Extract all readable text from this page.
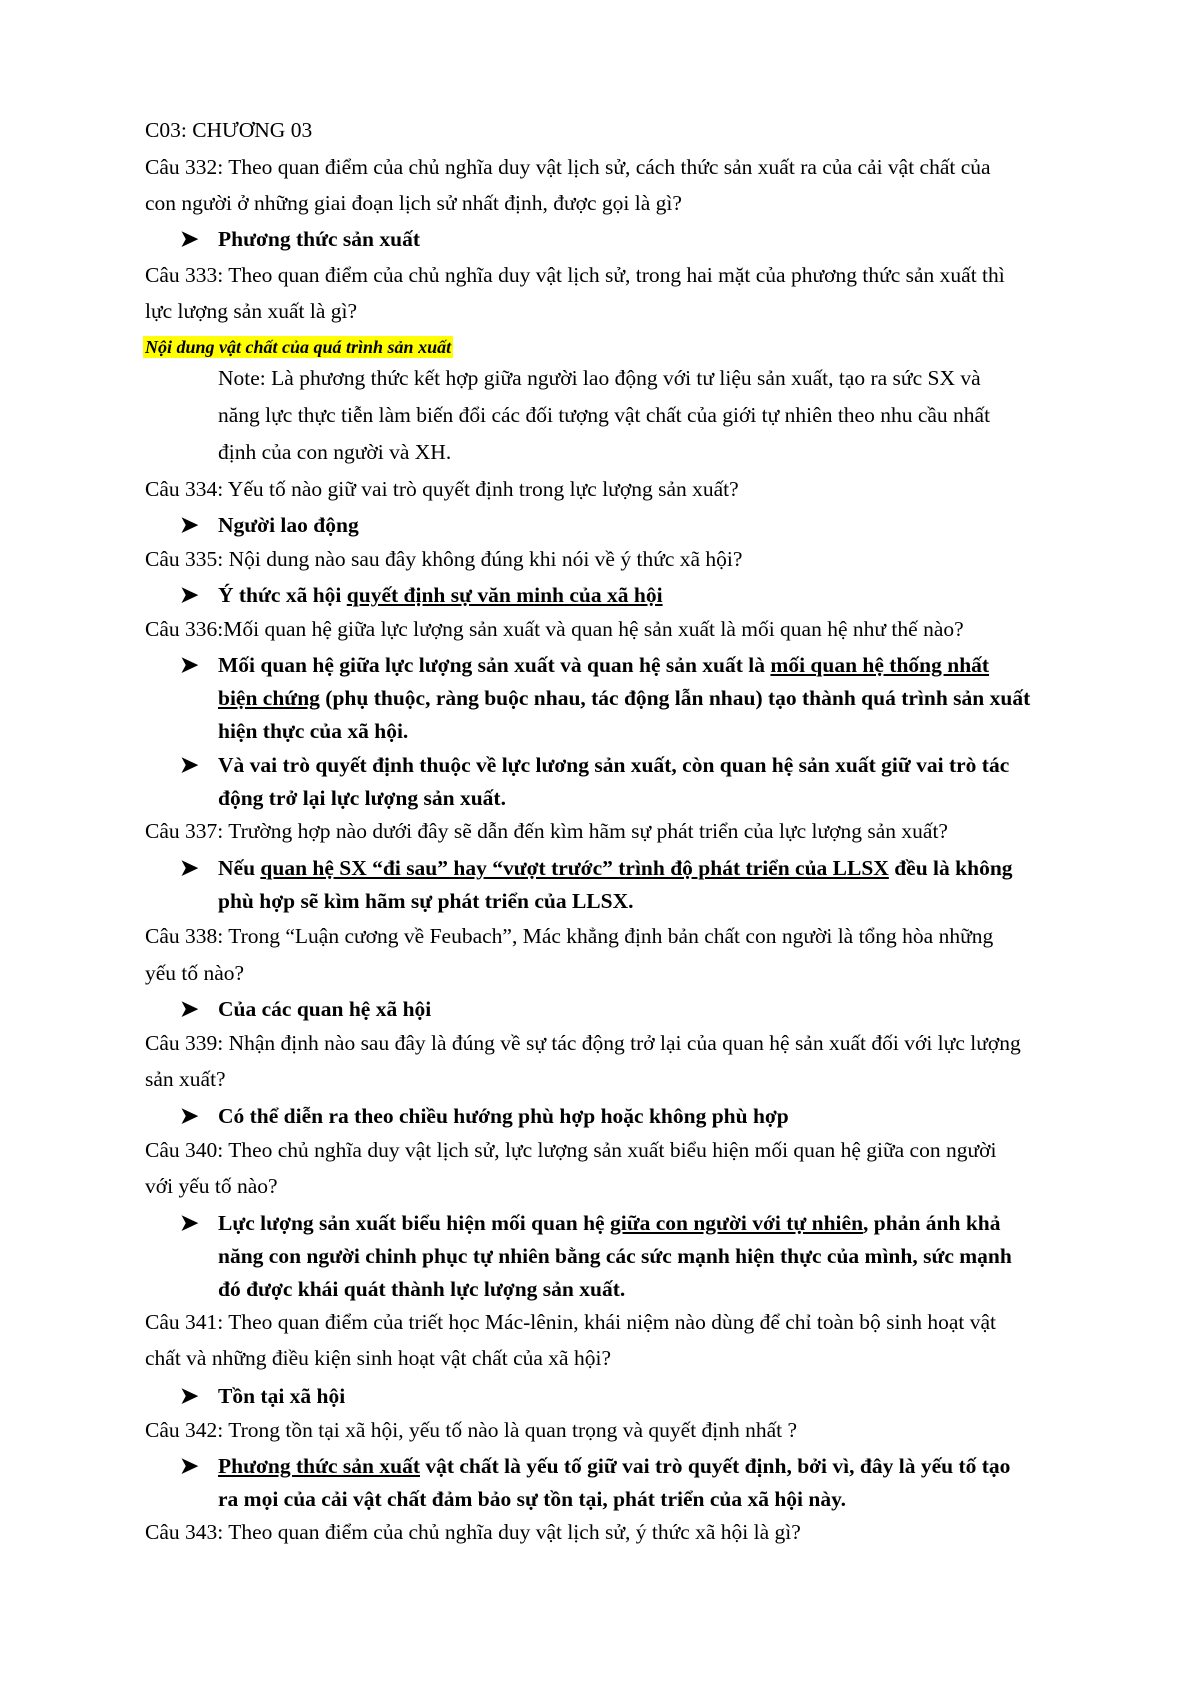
C03: CHƯƠNG 03
Câu 332: Theo quan điểm của chủ nghĩa duy vật lịch sử, cách thức sản xuất ra của cải vật chất của
con người ở những giai đoạn lịch sử nhất định, được gọi là gì?
➤ Phương thức sản xuất
Câu 333: Theo quan điểm của chủ nghĩa duy vật lịch sử, trong hai mặt của phương thức sản xuất thì
lực lượng sản xuất là gì?
Nội dung vật chất của quá trình sản xuất
Note: Là phương thức kết hợp giữa người lao động với tư liệu sản xuất, tạo ra sức SX và
năng lực thực tiễn làm biến đổi các đối tượng vật chất của giới tự nhiên theo nhu cầu nhất
định của con người và XH.
Câu 334: Yếu tố nào giữ vai trò quyết định trong lực lượng sản xuất?
➤ Người lao động
Câu 335: Nội dung nào sau đây không đúng khi nói về ý thức xã hội?
➤ Ý thức xã hội quyết định sự văn minh của xã hội
Câu 336:Mối quan hệ giữa lực lượng sản xuất và quan hệ sản xuất là mối quan hệ như thế nào?
➤ Mối quan hệ giữa lực lượng sản xuất và quan hệ sản xuất là mối quan hệ thống nhất
biện chứng (phụ thuộc, ràng buộc nhau, tác động lẫn nhau) tạo thành quá trình sản xuất
hiện thực của xã hội.
➤ Và vai trò quyết định thuộc về lực lương sản xuất, còn quan hệ sản xuất giữ vai trò tác
động trở lại lực lượng sản xuất.
Câu 337: Trường hợp nào dưới đây sẽ dẫn đến kìm hãm sự phát triển của lực lượng sản xuất?
➤ Nếu quan hệ SX “đi sau” hay “vượt trước” trình độ phát triển của LLSX đều là không
phù hợp sẽ kìm hãm sự phát triển của LLSX.
Câu 338: Trong “Luận cương về Feubach”, Mác khẳng định bản chất con người là tổng hòa những
yếu tố nào?
➤ Của các quan hệ xã hội
Câu 339: Nhận định nào sau đây là đúng về sự tác động trở lại của quan hệ sản xuất đối với lực lượng
sản xuất?
➤ Có thể diễn ra theo chiều hướng phù hợp hoặc không phù hợp
Câu 340: Theo chủ nghĩa duy vật lịch sử, lực lượng sản xuất biểu hiện mối quan hệ giữa con người
với yếu tố nào?
➤ Lực lượng sản xuất biểu hiện mối quan hệ giữa con người với tự nhiên, phản ánh khả
năng con người chinh phục tự nhiên bằng các sức mạnh hiện thực của mình, sức mạnh
đó được khái quát thành lực lượng sản xuất.
Câu 341: Theo quan điểm của triết học Mác-lênin, khái niệm nào dùng để chỉ toàn bộ sinh hoạt vật
chất và những điều kiện sinh hoạt vật chất của xã hội?
➤ Tồn tại xã hội
Câu 342: Trong tồn tại xã hội, yếu tố nào là quan trọng và quyết định nhất ?
➤ Phương thức sản xuất vật chất là yếu tố giữ vai trò quyết định, bởi vì, đây là yếu tố tạo
ra mọi của cải vật chất đảm bảo sự tồn tại, phát triển của xã hội này.
Câu 343: Theo quan điểm của chủ nghĩa duy vật lịch sử, ý thức xã hội là gì?
